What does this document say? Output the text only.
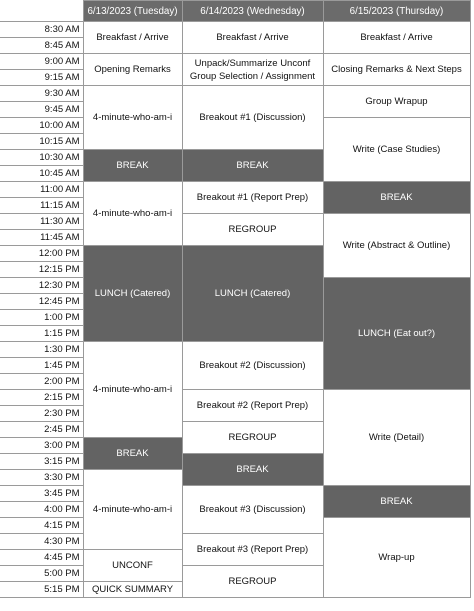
	6/13/2023 (Tuesday)	6/14/2023 (Wednesday)	6/15/2023 (Thursday)
8:30 AM	Breakfast / Arrive	Breakfast / Arrive	Breakfast / Arrive
8:45 AM			
9:00 AM	Opening Remarks	Unpack/Summarize Unconf Group Selection / Assignment	Closing Remarks & Next Steps
9:15 AM			
9:30 AM	4-minute-who-am-i	Breakout #1 (Discussion)	Group Wrapup
9:45 AM			
10:00 AM			Write (Case Studies)
10:15 AM			
10:30 AM	BREAK	BREAK	
10:45 AM			
11:00 AM	4-minute-who-am-i	Breakout #1 (Report Prep)	BREAK
11:15 AM			
11:30 AM		REGROUP	Write (Abstract & Outline)
11:45 AM			
12:00 PM	LUNCH (Catered)	LUNCH (Catered)	
12:15 PM			
12:30 PM			LUNCH (Eat out?)
12:45 PM			
1:00 PM			
1:15 PM			
1:30 PM	4-minute-who-am-i	Breakout #2 (Discussion)	
1:45 PM			
2:00 PM			
2:15 PM		Breakout #2 (Report Prep)	Write (Detail)
2:30 PM			
2:45 PM		REGROUP	
3:00 PM	BREAK		
3:15 PM		BREAK	
3:30 PM	4-minute-who-am-i		
3:45 PM		Breakout #3 (Discussion)	BREAK
4:00 PM			
4:15 PM			Wrap-up
4:30 PM		Breakout #3 (Report Prep)	
4:45 PM	UNCONF		
5:00 PM		REGROUP	
5:15 PM	QUICK SUMMARY		
